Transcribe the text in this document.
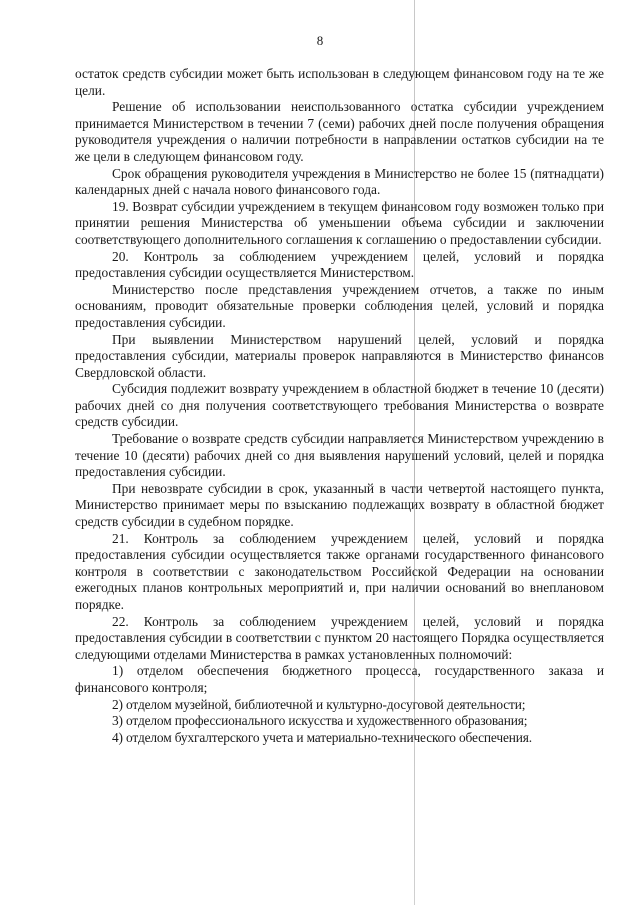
8

остаток средств субсидии может быть использован в следующем финансовом году на те же цели.

Решение об использовании неиспользованного остатка субсидии учреждением принимается Министерством в течении 7 (семи) рабочих дней после получения обращения руководителя учреждения о наличии потребности в направлении остатков субсидии на те же цели в следующем финансовом году.

Срок обращения руководителя учреждения в Министерство не более 15 (пятнадцати) календарных дней с начала нового финансового года.

19. Возврат субсидии учреждением в текущем финансовом году возможен только при принятии решения Министерства об уменьшении объема субсидии и заключении соответствующего дополнительного соглашения к соглашению о предоставлении субсидии.

20. Контроль за соблюдением учреждением целей, условий и порядка предоставления субсидии осуществляется Министерством.

Министерство после представления учреждением отчетов, а также по иным основаниям, проводит обязательные проверки соблюдения целей, условий и порядка предоставления субсидии.

При выявлении Министерством нарушений целей, условий и порядка предоставления субсидии, материалы проверок направляются в Министерство финансов Свердловской области.

Субсидия подлежит возврату учреждением в областной бюджет в течение 10 (десяти) рабочих дней со дня получения соответствующего требования Министерства о возврате средств субсидии.

Требование о возврате средств субсидии направляется Министерством учреждению в течение 10 (десяти) рабочих дней со дня выявления нарушений условий, целей и порядка предоставления субсидии.

При невозврате субсидии в срок, указанный в части четвертой настоящего пункта, Министерство принимает меры по взысканию подлежащих возврату в областной бюджет средств субсидии в судебном порядке.

21. Контроль за соблюдением учреждением целей, условий и порядка предоставления субсидии осуществляется также органами государственного финансового контроля в соответствии с законодательством Российской Федерации на основании ежегодных планов контрольных мероприятий и, при наличии оснований во внеплановом порядке.

22. Контроль за соблюдением учреждением целей, условий и порядка предоставления субсидии в соответствии с пунктом 20 настоящего Порядка осуществляется следующими отделами Министерства в рамках установленных полномочий:

1) отделом обеспечения бюджетного процесса, государственного заказа и финансового контроля;

2) отделом музейной, библиотечной и культурно-досуговой деятельности;

3) отделом профессионального искусства и художественного образования;

4) отделом бухгалтерского учета и материально-технического обеспечения.
